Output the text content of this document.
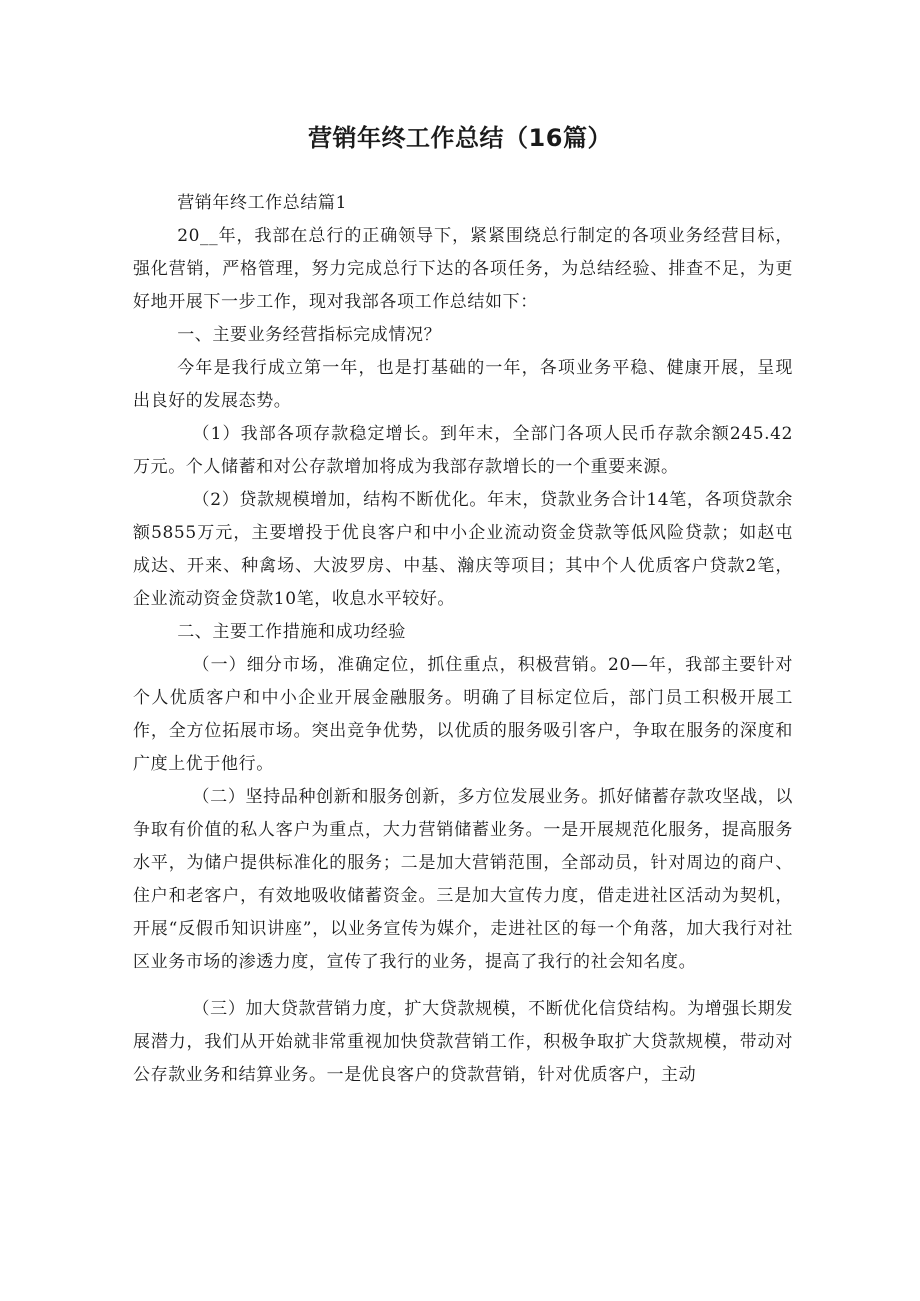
营销年终工作总结（16篇）

营销年终工作总结篇1

20__年，我部在总行的正确领导下，紧紧围绕总行制定的各项业务经营目标，强化营销，严格管理，努力完成总行下达的各项任务，为总结经验、排查不足，为更好地开展下一步工作，现对我部各项工作总结如下：

一、主要业务经营指标完成情况？

今年是我行成立第一年，也是打基础的一年，各项业务平稳、健康开展，呈现出良好的发展态势。

（1）我部各项存款稳定增长。到年末，全部门各项人民币存款余额245.42万元。个人储蓄和对公存款增加将成为我部存款增长的一个重要来源。

（2）贷款规模增加，结构不断优化。年末，贷款业务合计14笔，各项贷款余额5855万元，主要增投于优良客户和中小企业流动资金贷款等低风险贷款；如赵屯成达、开来、种禽场、大波罗房、中基、瀚庆等项目；其中个人优质客户贷款2笔，企业流动资金贷款10笔，收息水平较好。

二、主要工作措施和成功经验

（一）细分市场，准确定位，抓住重点，积极营销。20—年，我部主要针对个人优质客户和中小企业开展金融服务。明确了目标定位后，部门员工积极开展工作，全方位拓展市场。突出竞争优势，以优质的服务吸引客户，争取在服务的深度和广度上优于他行。

（二）坚持品种创新和服务创新，多方位发展业务。抓好储蓄存款攻坚战，以争取有价值的私人客户为重点，大力营销储蓄业务。一是开展规范化服务，提高服务水平，为储户提供标准化的服务；二是加大营销范围，全部动员，针对周边的商户、住户和老客户，有效地吸收储蓄资金。三是加大宣传力度，借走进社区活动为契机，开展“反假币知识讲座”，以业务宣传为媒介，走进社区的每一个角落，加大我行对社区业务市场的渗透力度，宣传了我行的业务，提高了我行的社会知名度。

（三）加大贷款营销力度，扩大贷款规模，不断优化信贷结构。为增强长期发展潜力，我们从开始就非常重视加快贷款营销工作，积极争取扩大贷款规模，带动对公存款业务和结算业务。一是优良客户的贷款营销，针对优质客户，主动
